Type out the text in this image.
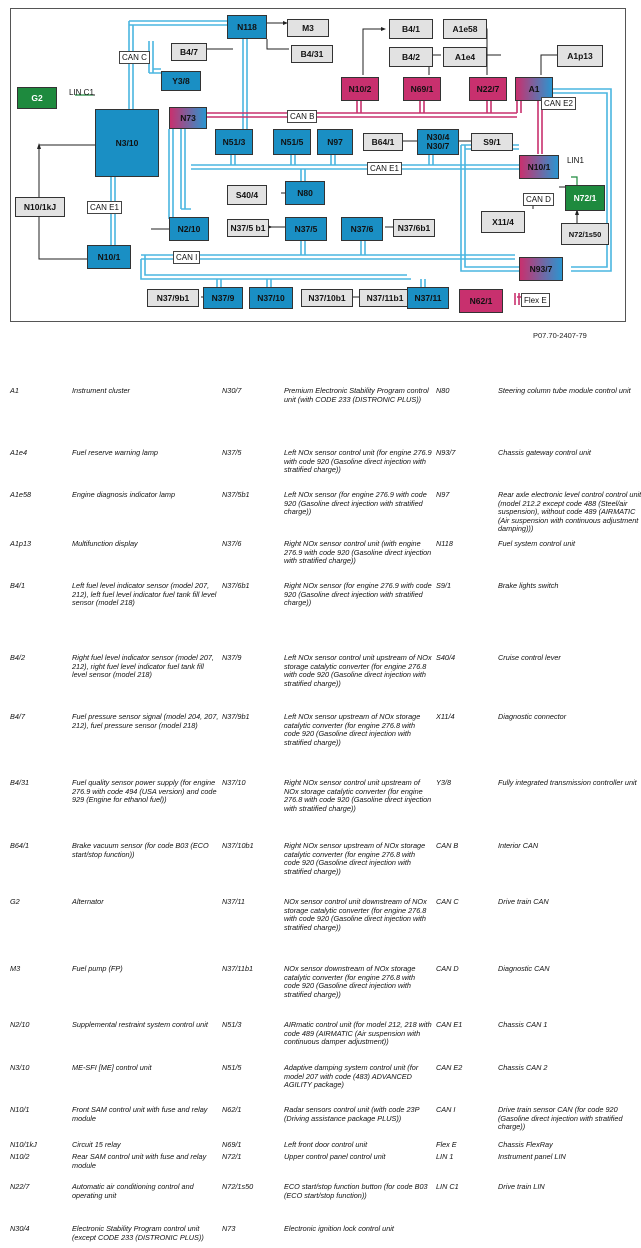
N118	M3
B4/7	B4/31
B4/1
B4/2
A1e58
A1e4	A1p13
Y3/8
G2
N3/10
N73
N10/2	N69/1	N22/7	A1
N51/3	N51/5	N97	B64/1	N30/4
N30/7	S9/1
N10/1
N72/1
N72/1s50
S40/4	N80
X11/4
N10/1kJ
N2/10	N37/5 b1	N37/5	N37/6	N37/6b1
N10/1
N93/7
N62/1
N37/9b1	N37/9	N37/10	N37/10b1	N37/11b1	N37/11
CAN C
LIN C1
CAN B
CAN E2
CAN E1
LIN1
CAN D
CAN E1
CAN I
Flex E
P07.70-2407-79
A1	Instrument cluster
A1e4	Fuel reserve warning lamp
A1e58	Engine diagnosis indicator lamp
A1p13	Multifunction display
B4/1	Left fuel level indicator sensor (model 207, 212), left fuel level indicator fuel tank fill level sensor (model 218)
B4/2	Right fuel level indicator sensor (model 207, 212), right fuel level indicator fuel tank fill level sensor (model 218)
B4/7	Fuel pressure sensor signal (model 204, 207, 212), fuel pressure sensor (model 218)
B4/31	Fuel quality sensor power supply (for engine 276.9 with code 494 (USA version) and code 929 (Engine for ethanol fuel))
B64/1	Brake vacuum sensor (for code B03 (ECO start/stop function))
G2	Alternator
M3	Fuel pump (FP)
N2/10	Supplemental restraint system control unit
N3/10	ME-SFI [ME] control unit
N10/1	Front SAM control unit with fuse and relay module
N10/1kJ	Circuit 15 relay
N10/2	Rear SAM control unit with fuse and relay module
N22/7	Automatic air conditioning control and operating unit
N30/4	Electronic Stability Program control unit (except CODE 233 (DISTRONIC PLUS))
N30/7	Premium Electronic Stability Program control unit (with CODE 233 (DISTRONIC PLUS))
N37/5	Left NOx sensor control unit (for engine 276.9 with code 920 (Gasoline direct injection with stratified charge))
N37/5b1	Left NOx sensor (for engine 276.9 with code 920 (Gasoline direct injection with stratified charge))
N37/6	Right NOx sensor control unit (with engine 276.9 with code 920 (Gasoline direct injection with stratified charge))
N37/6b1	Right NOx sensor (for engine 276.9 with code 920 (Gasoline direct injection with stratified charge))
N37/9	Left NOx sensor control unit upstream of NOx storage catalytic converter (for engine 276.8 with code 920 (Gasoline direct injection with stratified charge))
N37/9b1	Left NOx sensor upstream of NOx storage catalytic converter (for engine 276.8 with code 920 (Gasoline direct injection with stratified charge))
N37/10	Right NOx sensor control unit upstream of NOx storage catalytic converter (for engine 276.8 with code 920 (Gasoline direct injection with stratified charge))
N37/10b1	Right NOx sensor upstream of NOx storage catalytic converter (for engine 276.8 with code 920 (Gasoline direct injection with stratified charge))
N37/11	NOx sensor control unit downstream of NOx storage catalytic converter (for engine 276.8 with code 920 (Gasoline direct injection with stratified charge))
N37/11b1	NOx sensor downstream of NOx storage catalytic converter (for engine 276.8 with code 920 (Gasoline direct injection with stratified charge))
N51/3	AIRmatic control unit (for model 212, 218 with code 489 (AIRMATIC (Air suspension with continuous damper adjustment))
N51/5	Adaptive damping system control unit (for model 207 with code (483) ADVANCED AGILITY package)
N62/1	Radar sensors control unit (with code 23P (Driving assistance package PLUS))
N69/1	Left front door control unit
N72/1	Upper control panel control unit
N72/1s50	ECO start/stop function button (for code B03 (ECO start/stop function))
N73	Electronic ignition lock control unit
N80	Steering column tube module control unit
N93/7	Chassis gateway control unit
N97	Rear axle electronic level control control unit (model 212.2 except code 488 (Steel/air suspension), without code 489 (AIRMATIC (Air suspension with continuous adjustment damping)))
N118	Fuel system control unit
S9/1	Brake lights switch
S40/4	Cruise control lever
X11/4	Diagnostic connector
Y3/8	Fully integrated transmission controller unit
CAN B	Interior CAN
CAN C	Drive train CAN
CAN D	Diagnostic CAN
CAN E1	Chassis CAN 1
CAN E2	Chassis CAN 2
CAN I	Drive train sensor CAN (for code 920 (Gasoline direct injection with stratified charge))
Flex E	Chassis FlexRay
LIN 1	Instrument panel LIN
LIN C1	Drive train LIN
